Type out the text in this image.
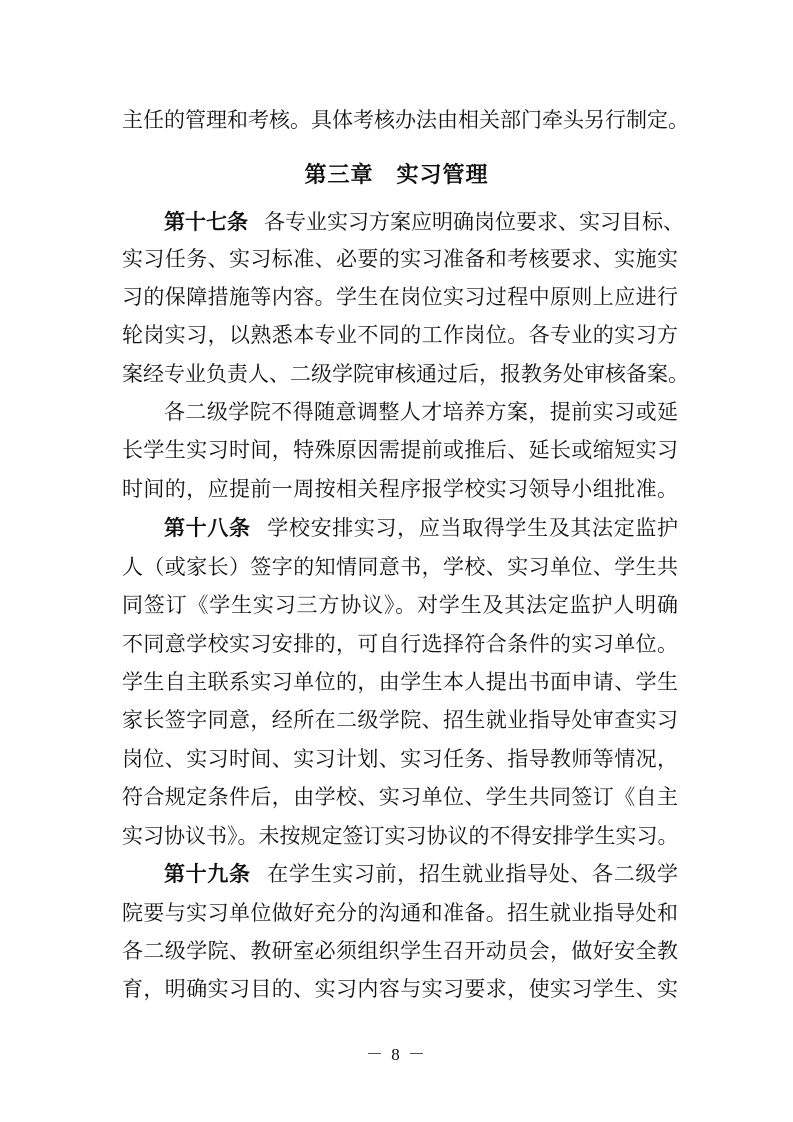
主任的管理和考核。具体考核办法由相关部门牵头另行制定。
第三章　实习管理
第十七条 各专业实习方案应明确岗位要求、实习目标、
实习任务、实习标准、必要的实习准备和考核要求、实施实
习的保障措施等内容。学生在岗位实习过程中原则上应进行
轮岗实习，以熟悉本专业不同的工作岗位。各专业的实习方
案经专业负责人、二级学院审核通过后，报教务处审核备案。
各二级学院不得随意调整人才培养方案，提前实习或延
长学生实习时间，特殊原因需提前或推后、延长或缩短实习
时间的，应提前一周按相关程序报学校实习领导小组批准。
第十八条 学校安排实习，应当取得学生及其法定监护
人（或家长）签字的知情同意书，学校、实习单位、学生共
同签订《学生实习三方协议》。对学生及其法定监护人明确
不同意学校实习安排的，可自行选择符合条件的实习单位。
学生自主联系实习单位的，由学生本人提出书面申请、学生
家长签字同意，经所在二级学院、招生就业指导处审查实习
岗位、实习时间、实习计划、实习任务、指导教师等情况，
符合规定条件后，由学校、实习单位、学生共同签订《自主
实习协议书》。未按规定签订实习协议的不得安排学生实习。
第十九条 在学生实习前，招生就业指导处、各二级学
院要与实习单位做好充分的沟通和准备。招生就业指导处和
各二级学院、教研室必须组织学生召开动员会，做好安全教
育，明确实习目的、实习内容与实习要求，使实习学生、实
－ 8 －
